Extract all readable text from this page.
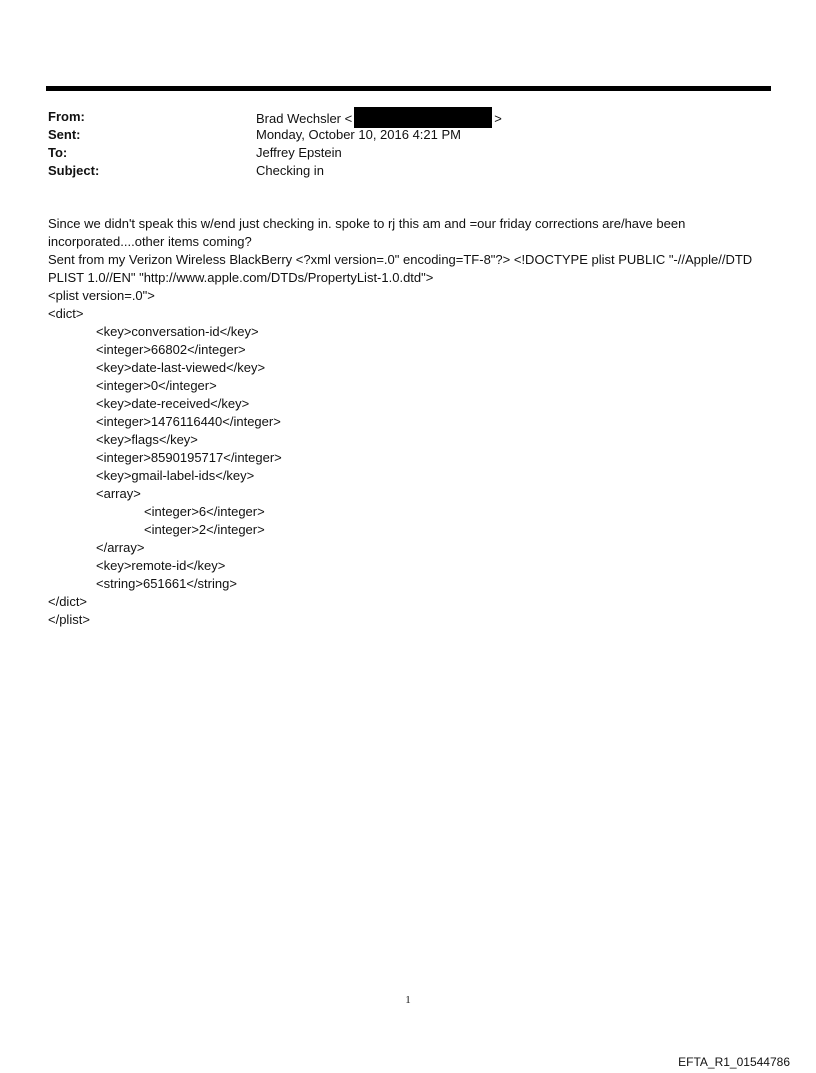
From:	Brad Wechsler <	>
Sent:	Monday, October 10, 2016 4:21 PM
To:	Jeffrey Epstein
Subject:	Checking in

Since we didn't speak this w/end just checking in. spoke to rj this am and =our friday corrections are/have been

incorporated....other items coming?

Sent from my Verizon Wireless BlackBerry <?xml version=.0" encoding=TF-8"?> <!DOCTYPE plist PUBLIC "-//Apple//DTD

PLIST 1.0//EN" "http://www.apple.com/DTDs/PropertyList-1.0.dtd">

<plist version=.0">

<dict>

<key>conversation-id</key>

<integer>66802</integer>

<key>date-last-viewed</key>

<integer>0</integer>

<key>date-received</key>

<integer>1476116440</integer>

<key>flags</key>

<integer>8590195717</integer>

<key>gmail-label-ids</key>

<array>

<integer>6</integer>

<integer>2</integer>

</array>

<key>remote-id</key>

<string>651661</string>

</dict>

</plist>

1
EFTA_R1_01544786
